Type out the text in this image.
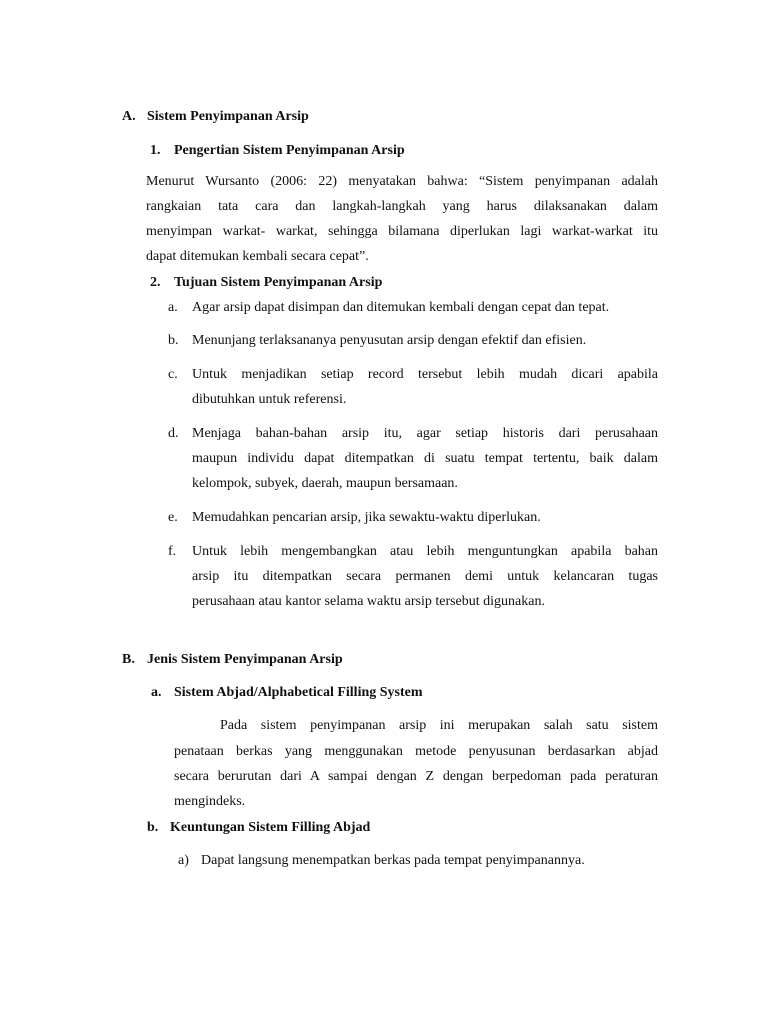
A. Sistem Penyimpanan Arsip
1. Pengertian Sistem Penyimpanan Arsip
Menurut Wursanto (2006: 22) menyatakan bahwa: “Sistem penyimpanan adalah
rangkaian tata cara dan langkah-langkah yang harus dilaksanakan dalam
menyimpan warkat- warkat, sehingga bilamana diperlukan lagi warkat-warkat itu
dapat ditemukan kembali secara cepat”.
2. Tujuan Sistem Penyimpanan Arsip
a. Agar arsip dapat disimpan dan ditemukan kembali dengan cepat dan tepat.
b. Menunjang terlaksananya penyusutan arsip dengan efektif dan efisien.
c. Untuk menjadikan setiap record tersebut lebih mudah dicari apabila
dibutuhkan untuk referensi.
d. Menjaga bahan-bahan arsip itu, agar setiap historis dari perusahaan
maupun individu dapat ditempatkan di suatu tempat tertentu, baik dalam
kelompok, subyek, daerah, maupun bersamaan.
e. Memudahkan pencarian arsip, jika sewaktu-waktu diperlukan.
f. Untuk lebih mengembangkan atau lebih menguntungkan apabila bahan
arsip itu ditempatkan secara permanen demi untuk kelancaran tugas
perusahaan atau kantor selama waktu arsip tersebut digunakan.
B. Jenis Sistem Penyimpanan Arsip
a. Sistem Abjad/Alphabetical Filling System
Pada sistem penyimpanan arsip ini merupakan salah satu sistem
penataan berkas yang menggunakan metode penyusunan berdasarkan abjad
secara berurutan dari A sampai dengan Z dengan berpedoman pada peraturan
mengindeks.
b. Keuntungan Sistem Filling Abjad
a) Dapat langsung menempatkan berkas pada tempat penyimpanannya.
